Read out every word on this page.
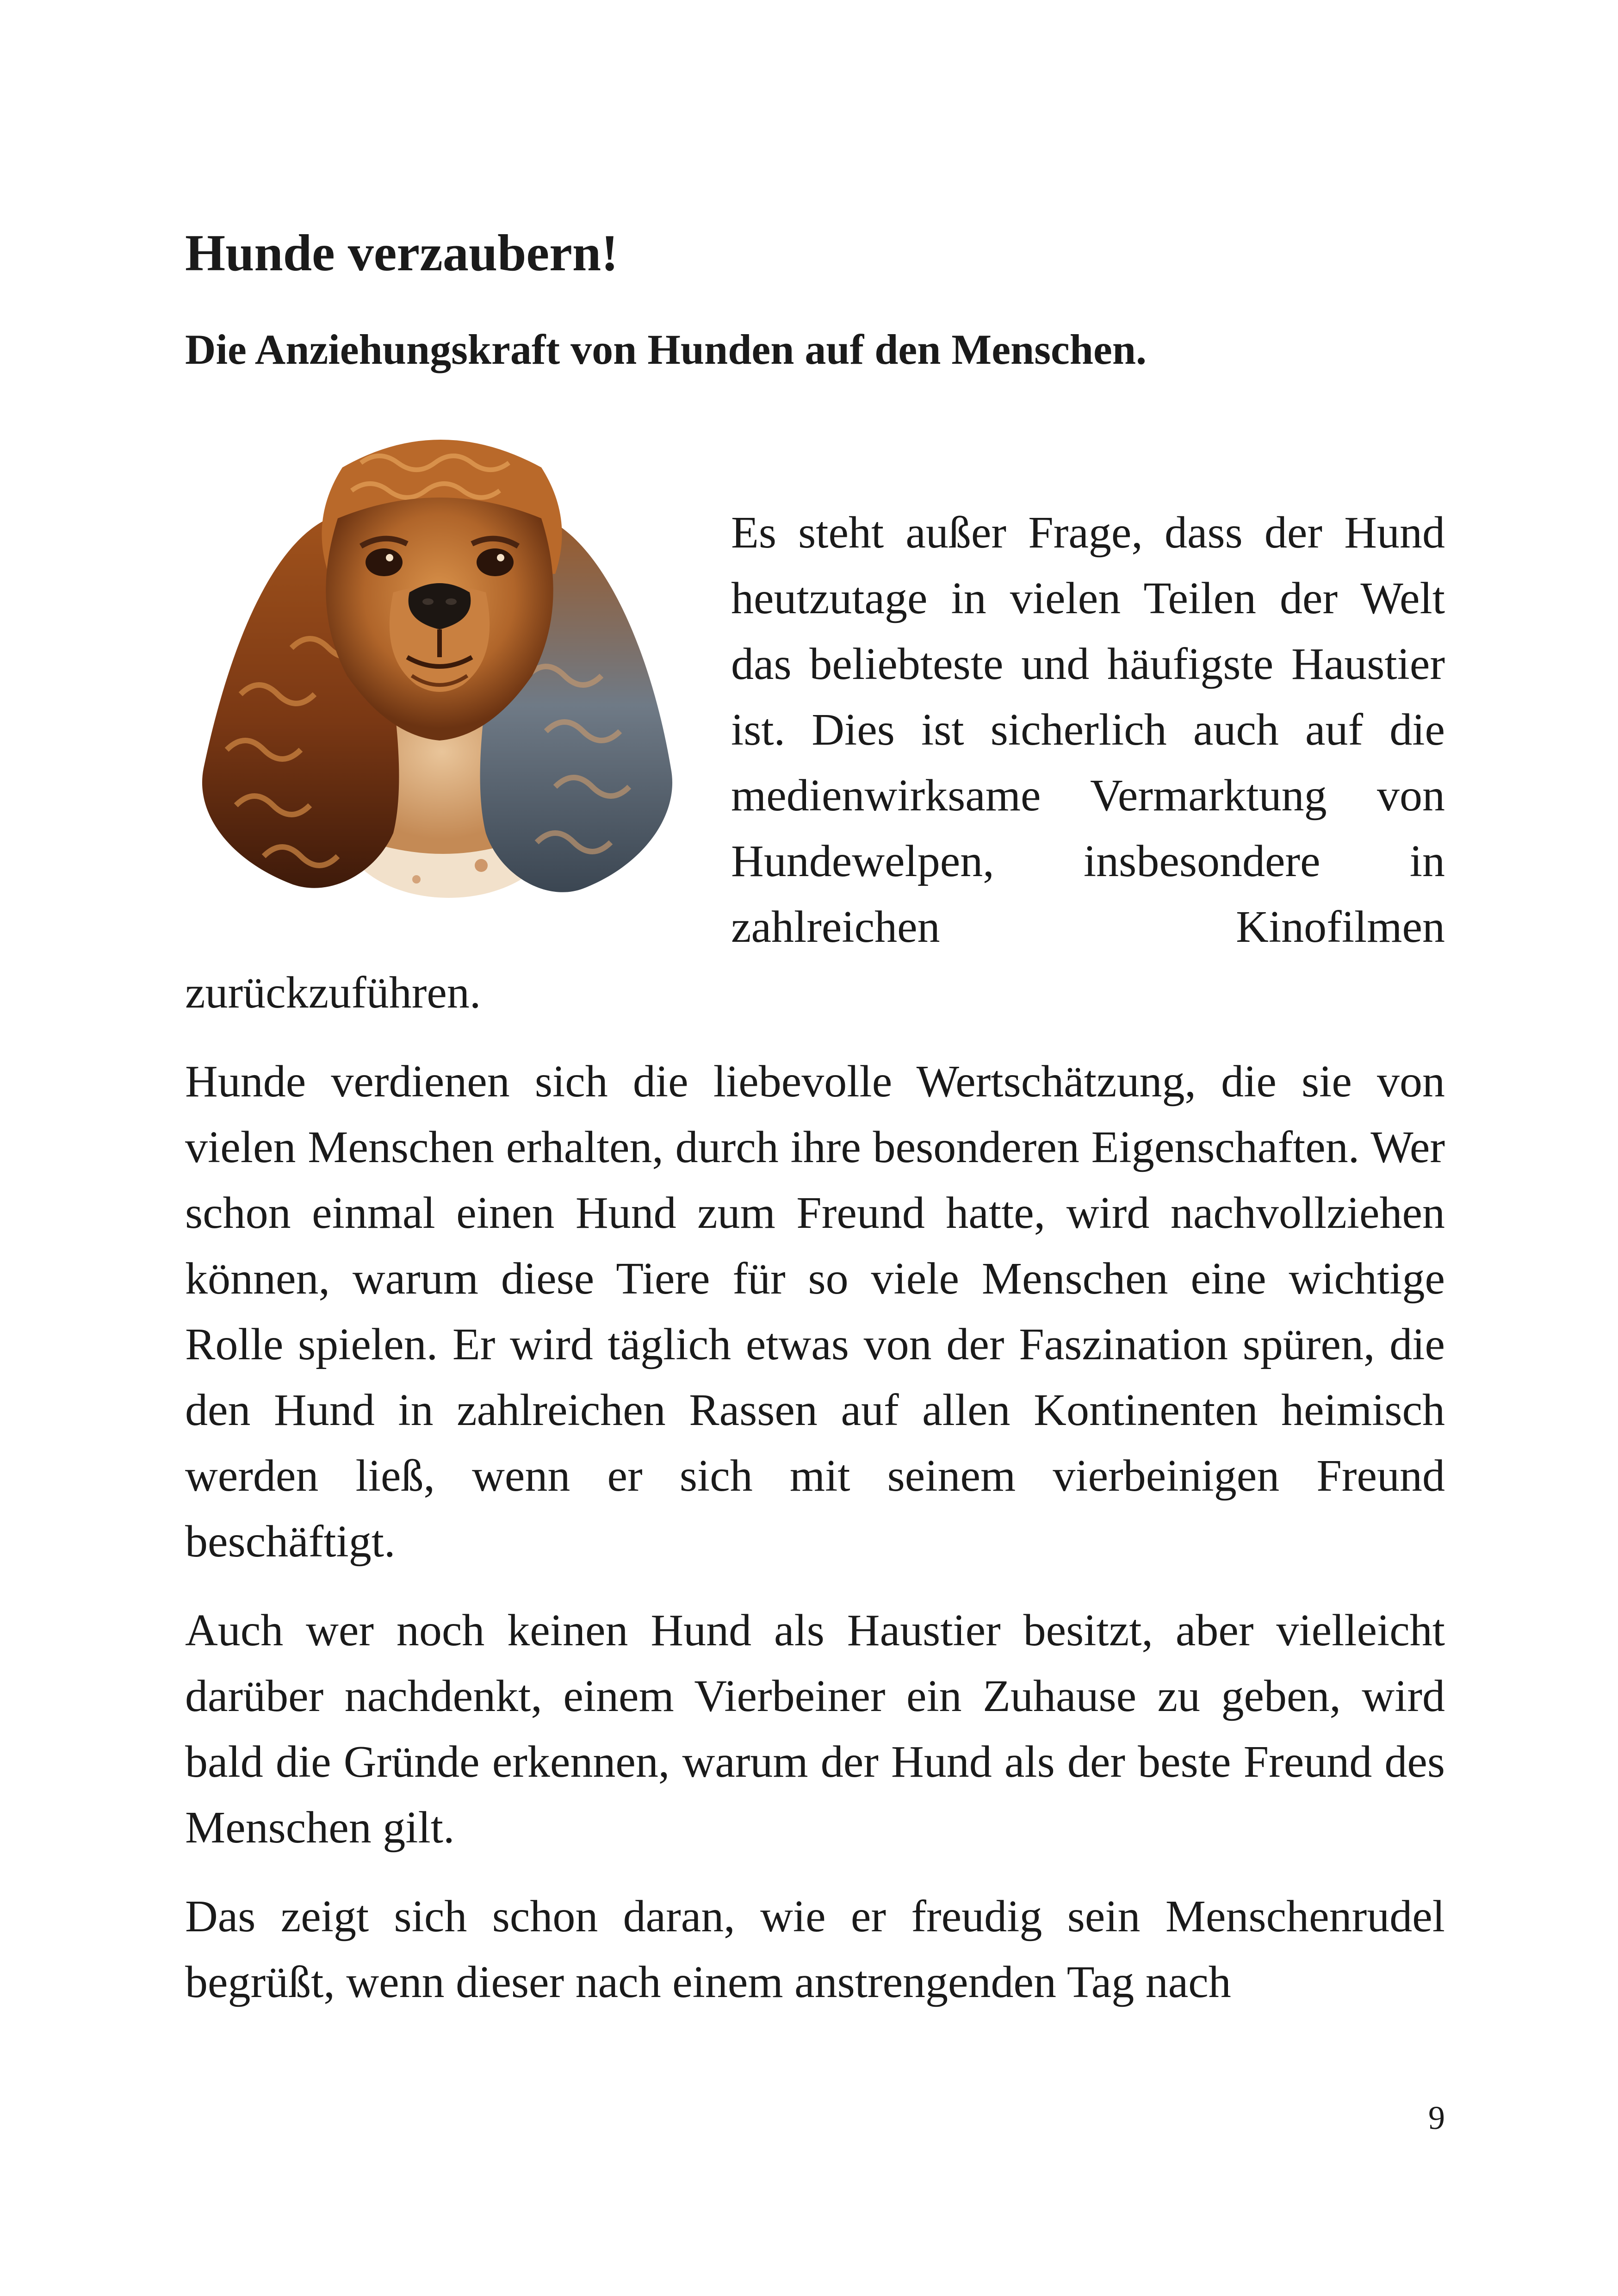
Hunde verzaubern!
Die Anziehungskraft von Hunden auf den Menschen.

Es steht außer Frage, dass der Hund heutzutage in vielen Teilen der Welt das beliebteste und häufigste Haustier ist. Dies ist sicherlich auch auf die medienwirksame Vermarktung von Hundewelpen, insbesondere in zahlreichen Kinofilmen zurückzuführen.

Hunde verdienen sich die liebevolle Wertschätzung, die sie von vielen Menschen erhalten, durch ihre besonderen Eigenschaften. Wer schon einmal einen Hund zum Freund hatte, wird nachvollziehen können, warum diese Tiere für so viele Menschen eine wichtige Rolle spielen. Er wird täglich etwas von der Faszination spüren, die den Hund in zahlreichen Rassen auf allen Kontinenten heimisch werden ließ, wenn er sich mit seinem vierbeinigen Freund beschäftigt.

Auch wer noch keinen Hund als Haustier besitzt, aber vielleicht darüber nachdenkt, einem Vierbeiner ein Zuhause zu geben, wird bald die Gründe erkennen, warum der Hund als der beste Freund des Menschen gilt.

Das zeigt sich schon daran, wie er freudig sein Menschenrudel begrüßt, wenn dieser nach einem anstrengenden Tag nach

9
